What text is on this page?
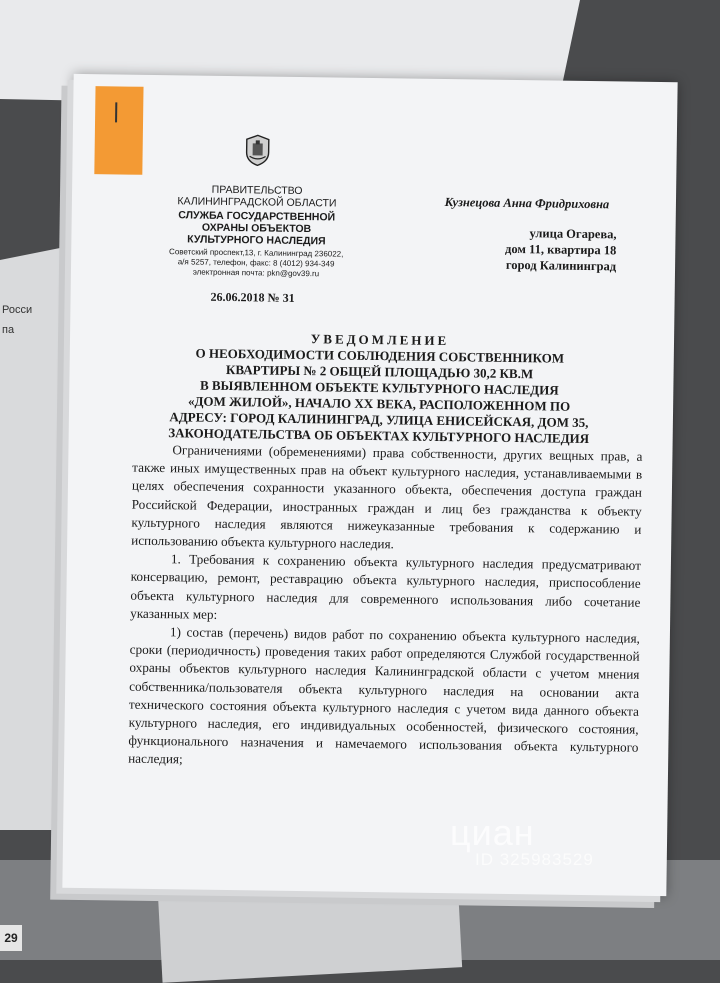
Росси
па
29
ПРАВИТЕЛЬСТВО
КАЛИНИНГРАДСКОЙ ОБЛАСТИ
СЛУЖБА ГОСУДАРСТВЕННОЙ
ОХРАНЫ ОБЪЕКТОВ
КУЛЬТУРНОГО НАСЛЕДИЯ
Советский проспект,13, г. Калининград 236022,
а/я 5257, телефон, факс: 8 (4012) 934-349
электронная почта: pkn@gov39.ru
26.06.2018 № 31
Кузнецова Анна Фридриховна
улица Огарева,
дом 11, квартира 18
город Калининград
УВЕДОМЛЕНИЕ
О НЕОБХОДИМОСТИ СОБЛЮДЕНИЯ СОБСТВЕННИКОМ
КВАРТИРЫ № 2 ОБЩЕЙ ПЛОЩАДЬЮ 30,2 КВ.М
В ВЫЯВЛЕННОМ ОБЪЕКТЕ КУЛЬТУРНОГО НАСЛЕДИЯ
«ДОМ ЖИЛОЙ», НАЧАЛО XX ВЕКА, РАСПОЛОЖЕННОМ ПО
АДРЕСУ: ГОРОД КАЛИНИНГРАД, УЛИЦА ЕНИСЕЙСКАЯ, ДОМ 35,
ЗАКОНОДАТЕЛЬСТВА ОБ ОБЪЕКТАХ КУЛЬТУРНОГО НАСЛЕДИЯ

Ограничениями (обременениями) права собственности, других вещных прав, а также иных имущественных прав на объект культурного наследия, устанавливаемыми в целях обеспечения сохранности указанного объекта, обеспечения доступа граждан Российской Федерации, иностранных граждан и лиц без гражданства к объекту культурного наследия являются нижеуказанные требования к содержанию и использованию объекта культурного наследия.

1. Требования к сохранению объекта культурного наследия предусматривают консервацию, ремонт, реставрацию объекта культурного наследия, приспособление объекта культурного наследия для современного использования либо сочетание указанных мер:

1) состав (перечень) видов работ по сохранению объекта культурного наследия, сроки (периодичность) проведения таких работ определяются Службой государственной охраны объектов культурного наследия Калининградской области с учетом мнения собственника/пользователя объекта культурного наследия на основании акта технического состояния объекта культурного наследия с учетом вида данного объекта культурного наследия, его индивидуальных особенностей, физического состояния, функционального назначения и намечаемого использования объекта культурного наследия;

циан
ID 325983529
